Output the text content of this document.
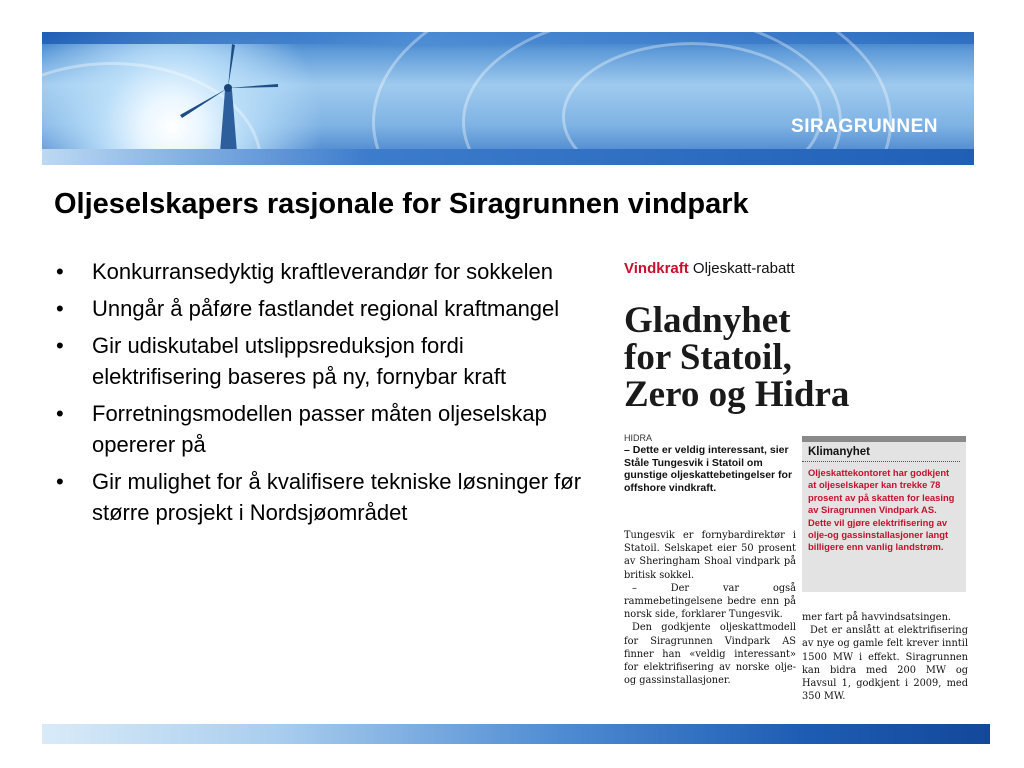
SIRAGRUNNEN
Oljeselskapers rasjonale for Siragrunnen vindpark
• Konkurransedyktig kraftleverandør for sokkelen
• Unngår å påføre fastlandet regional kraftmangel
• Gir udiskutabel utslippsreduksjon fordi elektrifisering baseres på ny, fornybar kraft
• Forretningsmodellen passer måten oljeselskap opererer på
• Gir mulighet for å kvalifisere tekniske løsninger før større prosjekt i Nordsjøområdet
Vindkraft Oljeskatt-rabatt
Gladnyhet
for Statoil,
Zero og Hidra
HIDRA
– Dette er veldig interessant, sier Ståle Tungesvik i Statoil om gunstige oljeskattebetingelser for offshore vindkraft.

Tungesvik er fornybardirektør i Statoil. Selskapet eier 50 prosent av Sheringham Shoal vindpark på britisk sokkel.

– Der var også rammebetingelsene bedre enn på norsk side, forklarer Tungesvik.

Den godkjente oljeskattmodell for Siragrunnen Vindpark AS finner han «veldig interessant» for elektrifisering av norske olje- og gassinstallasjoner.

Klimanyhet
Oljeskattekontoret har godkjent at oljeselskaper kan trekke 78 prosent av på skatten for leasing av Siragrunnen Vindpark AS. Dette vil gjøre elektrifisering av olje-og gassinstallasjoner langt billigere enn vanlig landstrøm.

mer fart på havvindsatsingen.

Det er anslått at elektrifisering av nye og gamle felt krever inntil 1500 MW i effekt. Siragrunnen kan bidra med 200 MW og Havsul 1, godkjent i 2009, med 350 MW.
